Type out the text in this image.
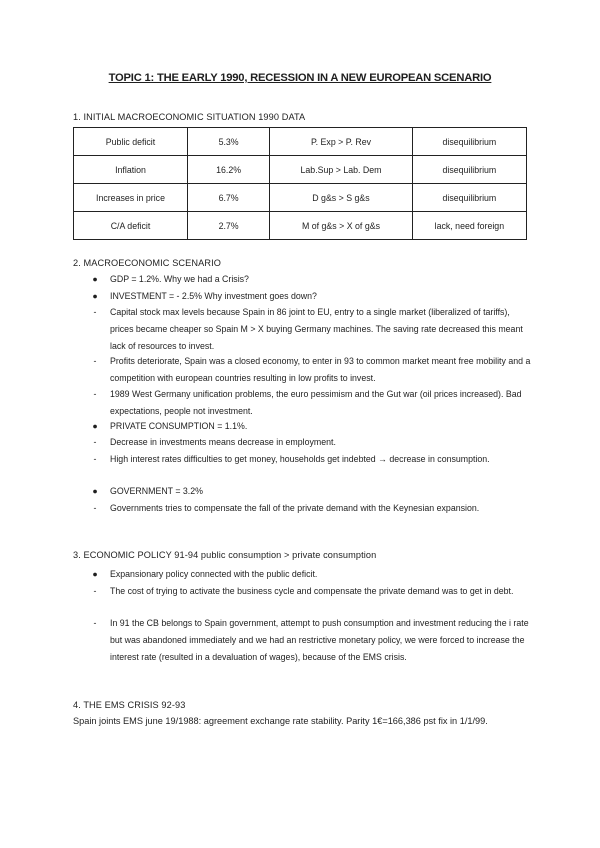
TOPIC 1: THE EARLY 1990, RECESSION IN A NEW EUROPEAN SCENARIO
1. INITIAL MACROECONOMIC SITUATION 1990 DATA
Public deficit	5.3%	P. Exp > P. Rev	disequilibrium
Inflation	16.2%	Lab.Sup > Lab. Dem	disequilibrium
Increases in price	6.7%	D g&s > S g&s	disequilibrium
C/A deficit	2.7%	M of g&s > X of g&s	lack, need foreign
2. MACROECONOMIC SCENARIO
●	GDP = 1.2%. Why we had a Crisis?
●	INVESTMENT = - 2.5% Why investment goes down?
-	Capital stock max levels because Spain in 86 joint to EU, entry to a single market (liberalized of tariffs), prices became cheaper so Spain M > X buying Germany machines. The saving rate decreased this meant lack of resources to invest.
-	Profits deteriorate, Spain was a closed economy, to enter in 93 to common market meant free mobility and a competition with european countries resulting in low profits to invest.
-	1989 West Germany unification problems, the euro pessimism and the Gut war (oil prices increased). Bad expectations, people not investment.
●	PRIVATE CONSUMPTION = 1.1%.
-	Decrease in investments means decrease in employment.
-	High interest rates difficulties to get money, households get indebted → decrease in consumption.
●	GOVERNMENT = 3.2%
-	Governments tries to compensate the fall of the private demand with the Keynesian expansion.
3. ECONOMIC POLICY 91-94 public consumption > private consumption
●	Expansionary policy connected with the public deficit.
-	The cost of trying to activate the business cycle and compensate the private demand was to get in debt.
-	In 91 the CB belongs to Spain government, attempt to push consumption and investment reducing the i rate but was abandoned immediately and we had an restrictive monetary policy, we were forced to increase the interest rate (resulted in a devaluation of wages), because of the EMS crisis.
4. THE EMS CRISIS 92-93
Spain joints EMS june 19/1988: agreement exchange rate stability. Parity 1€=166,386 pst fix in 1/1/99.
